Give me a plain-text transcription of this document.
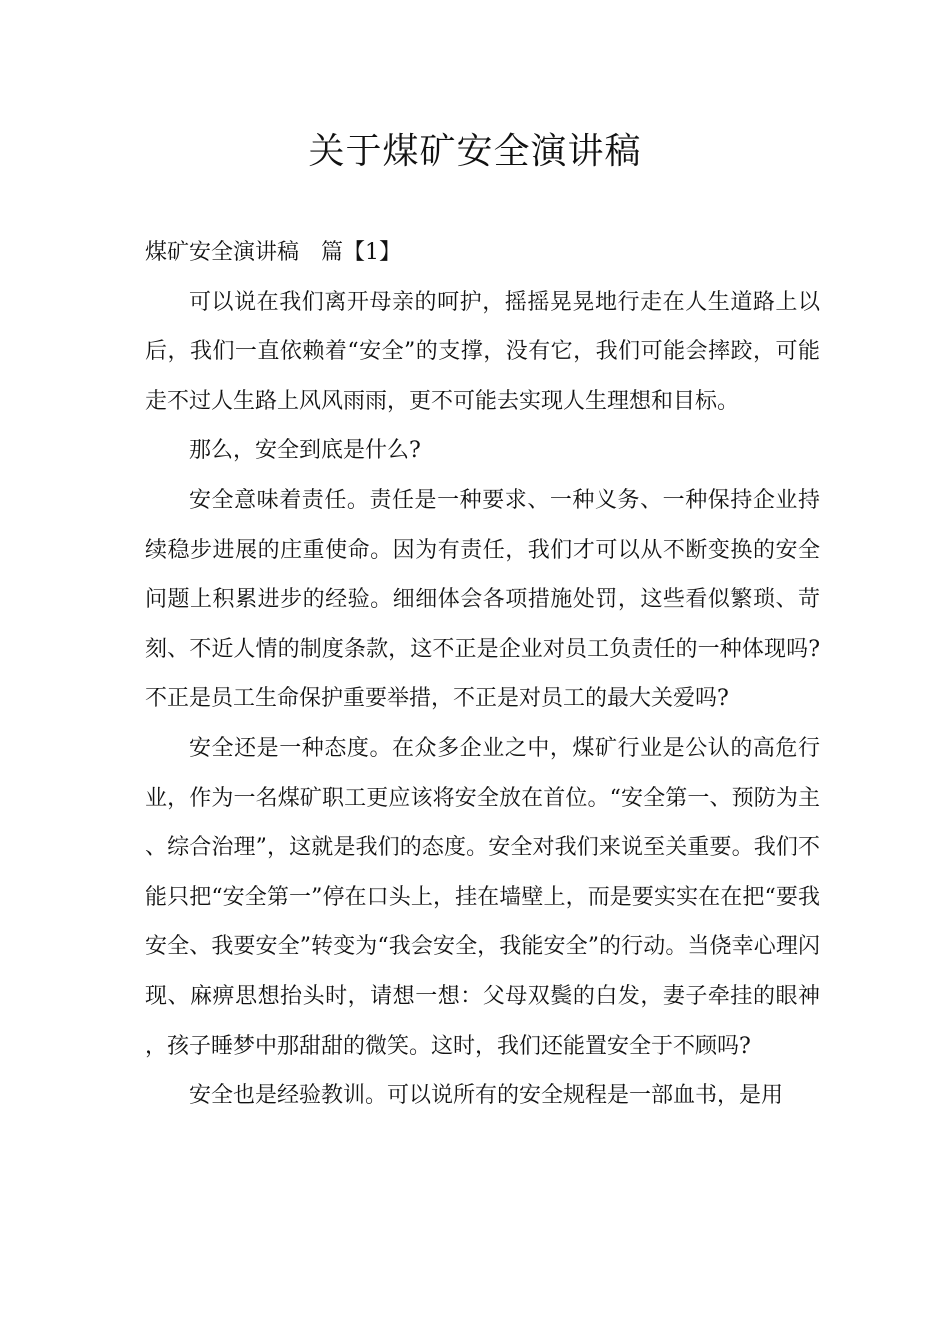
关于煤矿安全演讲稿
煤矿安全演讲稿　篇【1】

可以说在我们离开母亲的呵护，摇摇晃晃地行走在人生道路上以后，我们一直依赖着“安全”的支撑，没有它，我们可能会摔跤，可能走不过人生路上风风雨雨，更不可能去实现人生理想和目标。

那么，安全到底是什么?

安全意味着责任。责任是一种要求、一种义务、一种保持企业持续稳步进展的庄重使命。因为有责任，我们才可以从不断变换的安全问题上积累进步的经验。细细体会各项措施处罚，这些看似繁琐、苛刻、不近人情的制度条款，这不正是企业对员工负责任的一种体现吗?不正是员工生命保护重要举措，不正是对员工的最大关爱吗?

安全还是一种态度。在众多企业之中，煤矿行业是公认的高危行业，作为一名煤矿职工更应该将安全放在首位。“安全第一、预防为主、综合治理”，这就是我们的态度。安全对我们来说至关重要。我们不能只把“安全第一”停在口头上，挂在墙壁上，而是要实实在在把“要我安全、我要安全”转变为“我会安全，我能安全”的行动。当侥幸心理闪现、麻痹思想抬头时，请想一想：父母双鬓的白发，妻子牵挂的眼神，孩子睡梦中那甜甜的微笑。这时，我们还能置安全于不顾吗?

安全也是经验教训。可以说所有的安全规程是一部血书，是用
